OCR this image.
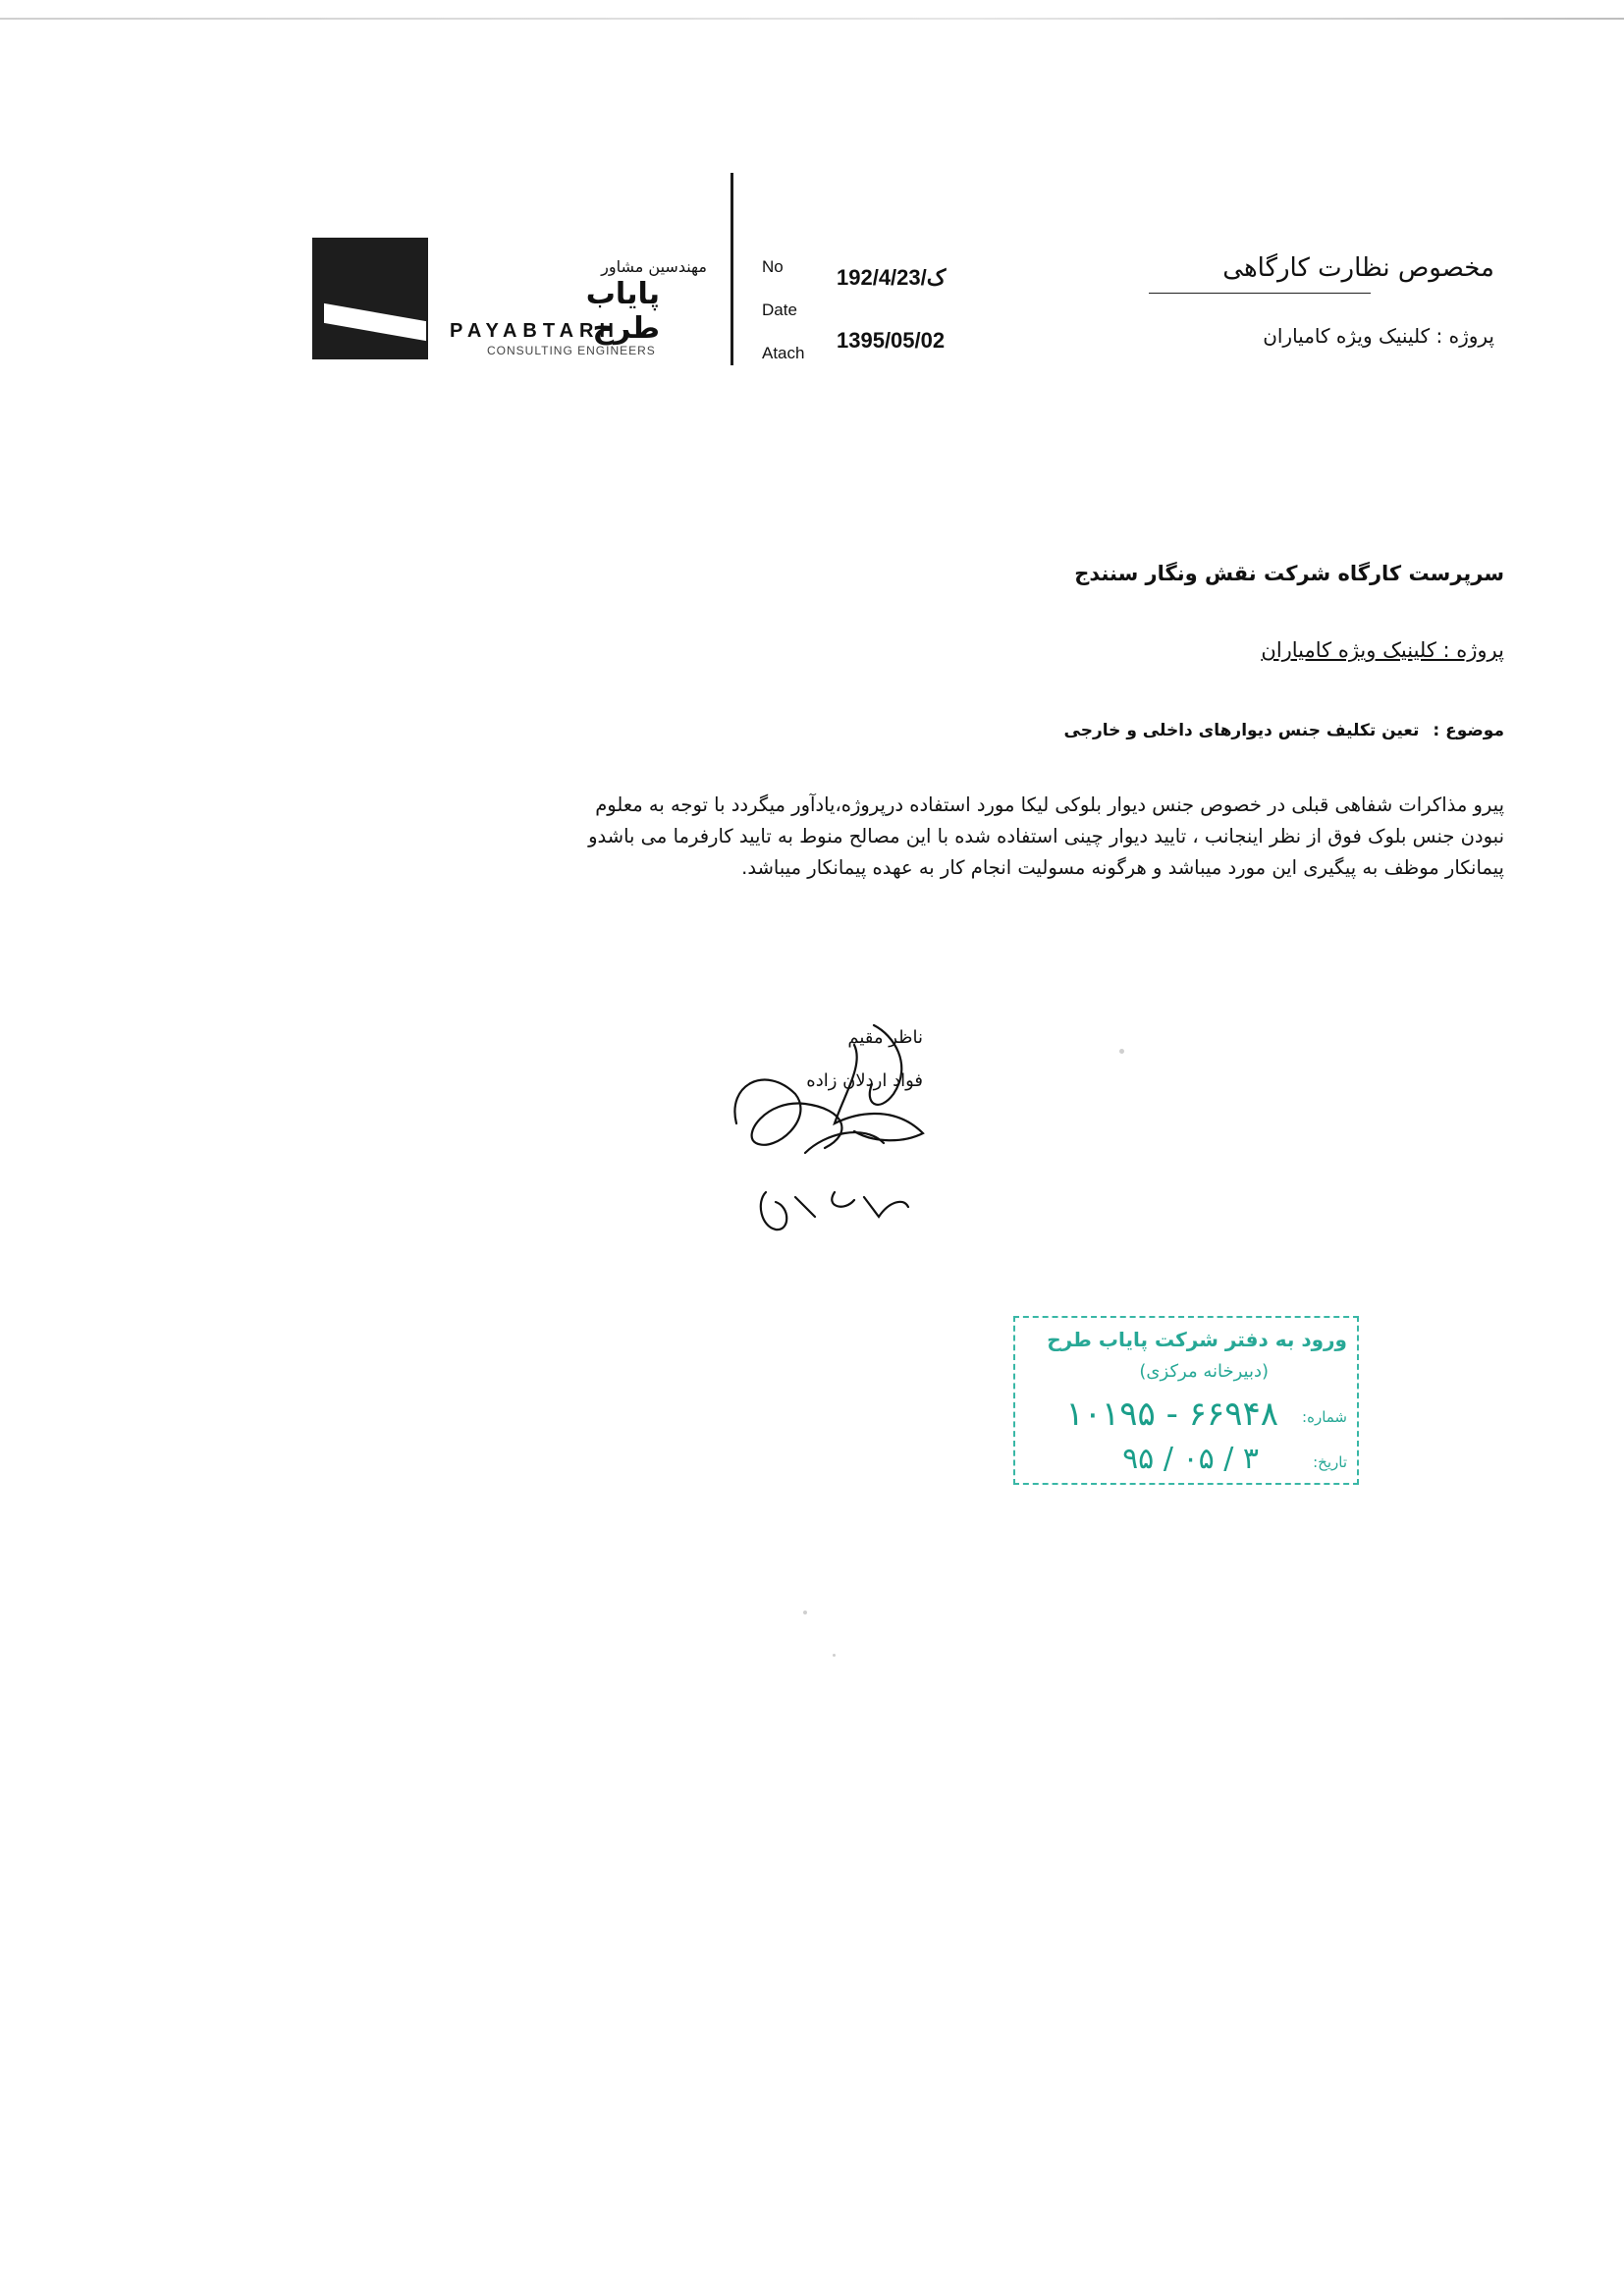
مهندسین مشاور
پایاب طرح
PAYABTARH
CONSULTING ENGINEERS
No
Date
Atach
192/4/ک/23
1395/05/02
مخصوص نظارت کارگاهی
پروژه : کلینیک ویژه کامیاران
سرپرست کارگاه شرکت نقش ونگار سنندج
پروژه : کلینیک ویژه کامیاران
موضوع :تعین تکلیف جنس دیوارهای داخلی و خارجی
پیرو مذاکرات شفاهی قبلی در خصوص جنس دیوار بلوکی لیکا مورد استفاده درپروژه،یادآور میگردد با توجه به معلوم
نبودن جنس بلوک فوق از نظر اینجانب ، تایید دیوار چینی استفاده شده با این مصالح منوط به تایید کارفرما می باشدو
پیمانکار موظف به پیگیری این مورد میباشد و هرگونه مسولیت انجام کار به عهده پیمانکار میباشد.
ناظر مقیم
فواد اردلان زاده
ورود به دفتر شرکت پایاب طرح
(دبیرخانه مرکزی)
شماره:
۱۰۱۹۵ - ۶۶۹۴۸
تاریخ:
۹۵ / ۰۵ / ۳
